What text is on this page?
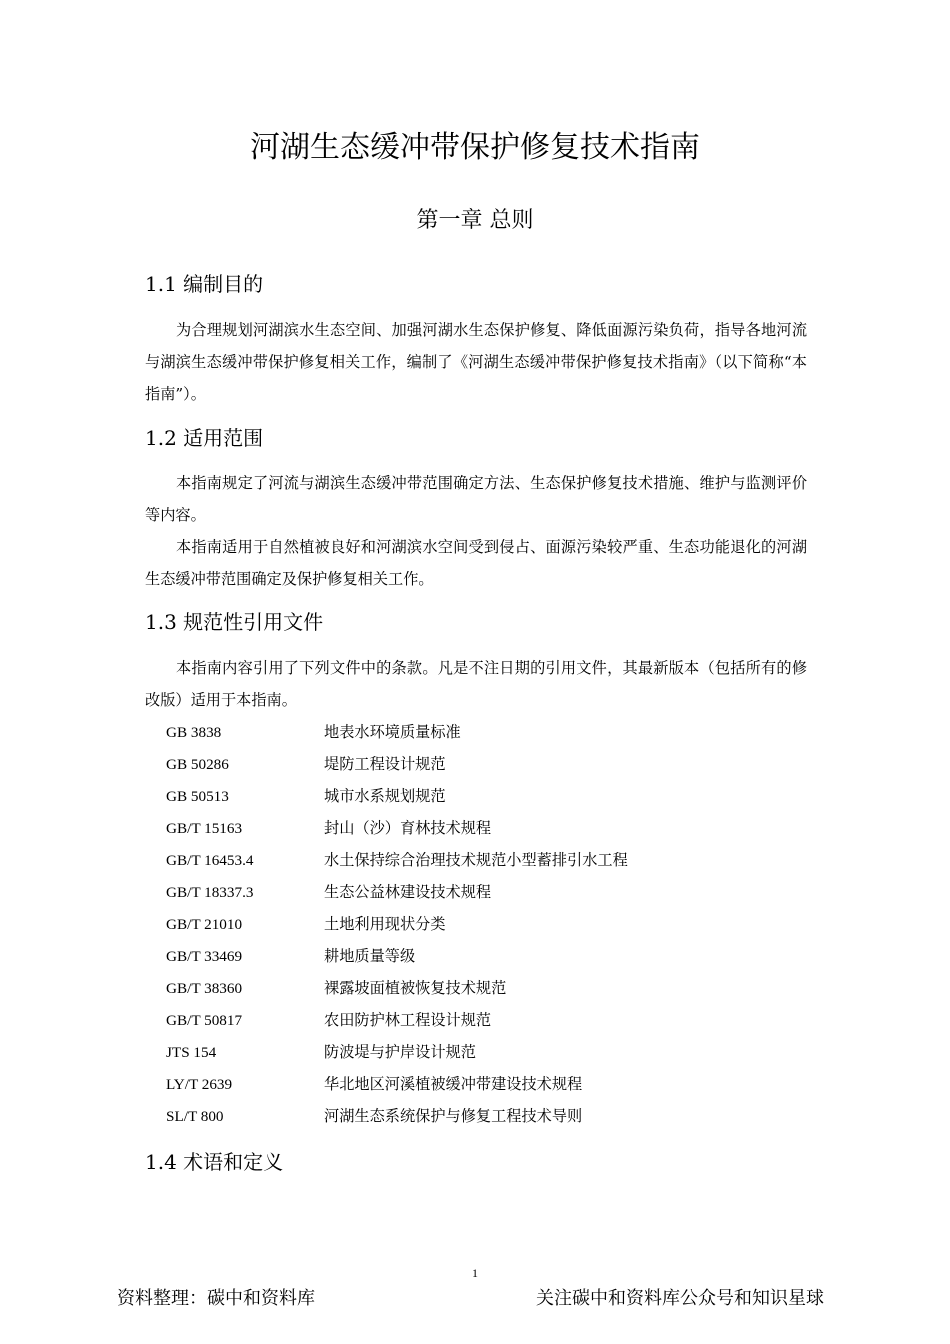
河湖生态缓冲带保护修复技术指南
第一章 总则
1.1 编制目的

为合理规划河湖滨水生态空间、加强河湖水生态保护修复、降低面源污染负荷，指导各地河流与湖滨生态缓冲带保护修复相关工作，编制了《河湖生态缓冲带保护修复技术指南》（以下简称“本指南”）。

1.2 适用范围

本指南规定了河流与湖滨生态缓冲带范围确定方法、生态保护修复技术措施、维护与监测评价等内容。

本指南适用于自然植被良好和河湖滨水空间受到侵占、面源污染较严重、生态功能退化的河湖生态缓冲带范围确定及保护修复相关工作。

1.3 规范性引用文件

本指南内容引用了下列文件中的条款。凡是不注日期的引用文件，其最新版本（包括所有的修改版）适用于本指南。

GB 3838	地表水环境质量标准
GB 50286	堤防工程设计规范
GB 50513	城市水系规划规范
GB/T 15163	封山（沙）育林技术规程
GB/T 16453.4	水土保持综合治理技术规范小型蓄排引水工程
GB/T 18337.3	生态公益林建设技术规程
GB/T 21010	土地利用现状分类
GB/T 33469	耕地质量等级
GB/T 38360	裸露坡面植被恢复技术规范
GB/T 50817	农田防护林工程设计规范
JTS 154	防波堤与护岸设计规范
LY/T 2639	华北地区河溪植被缓冲带建设技术规程
SL/T 800	河湖生态系统保护与修复工程技术导则
1.4 术语和定义
1
资料整理：碳中和资料库	关注碳中和资料库公众号和知识星球
